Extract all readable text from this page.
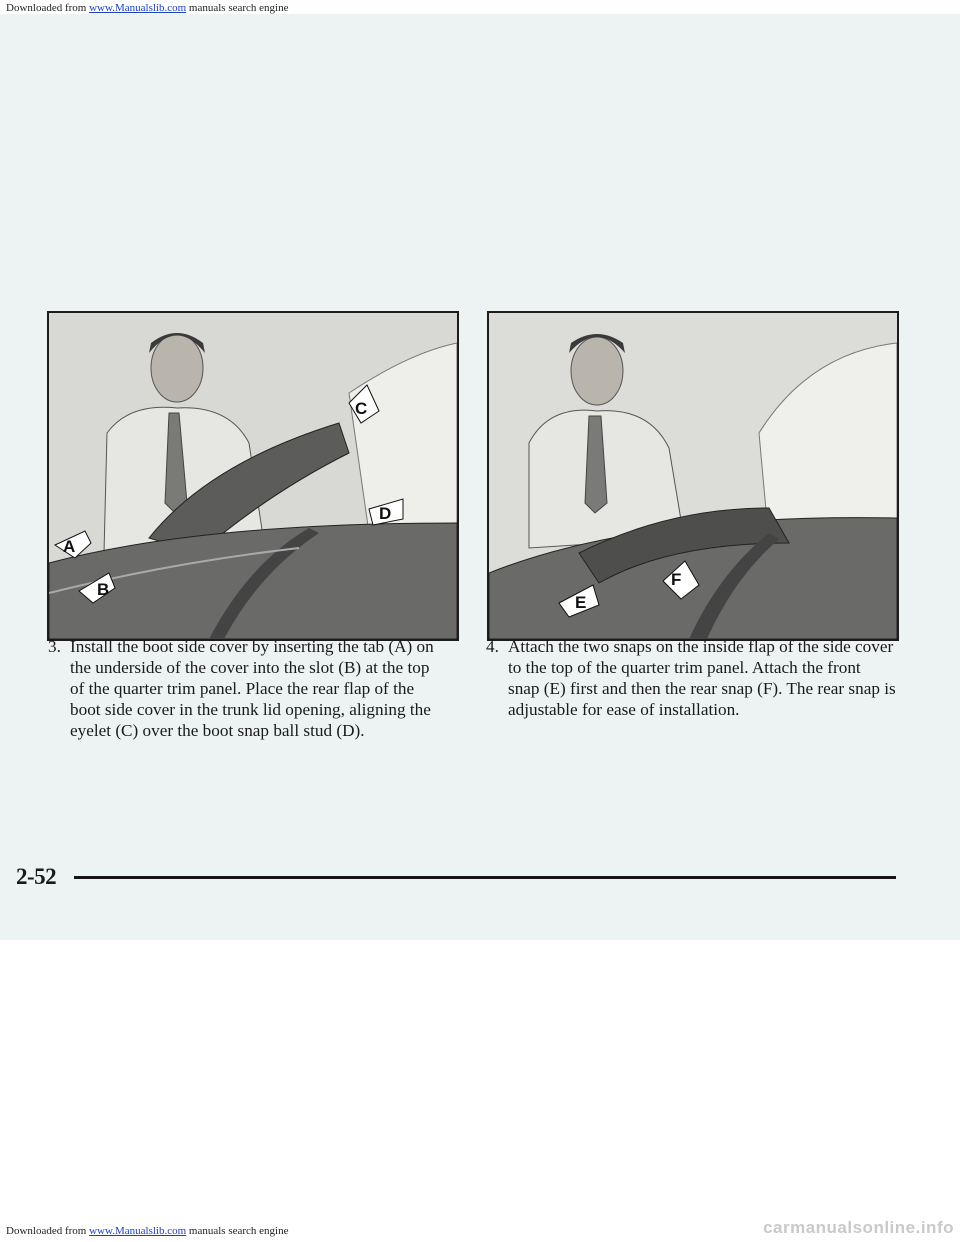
Downloaded from www.Manualslib.com manuals search engine
A
B
C
D
E
F
3. Install the boot side cover by inserting the tab (A) on the underside of the cover into the slot (B) at the top of the quarter trim panel. Place the rear flap of the boot side cover in the trunk lid opening, aligning the eyelet (C) over the boot snap ball stud (D).
4. Attach the two snaps on the inside flap of the side cover to the top of the quarter trim panel. Attach the front snap (E) first and then the rear snap (F). The rear snap is adjustable for ease of installation.
2-52
Downloaded from www.Manualslib.com manuals search engine	carmanualsonline.info
